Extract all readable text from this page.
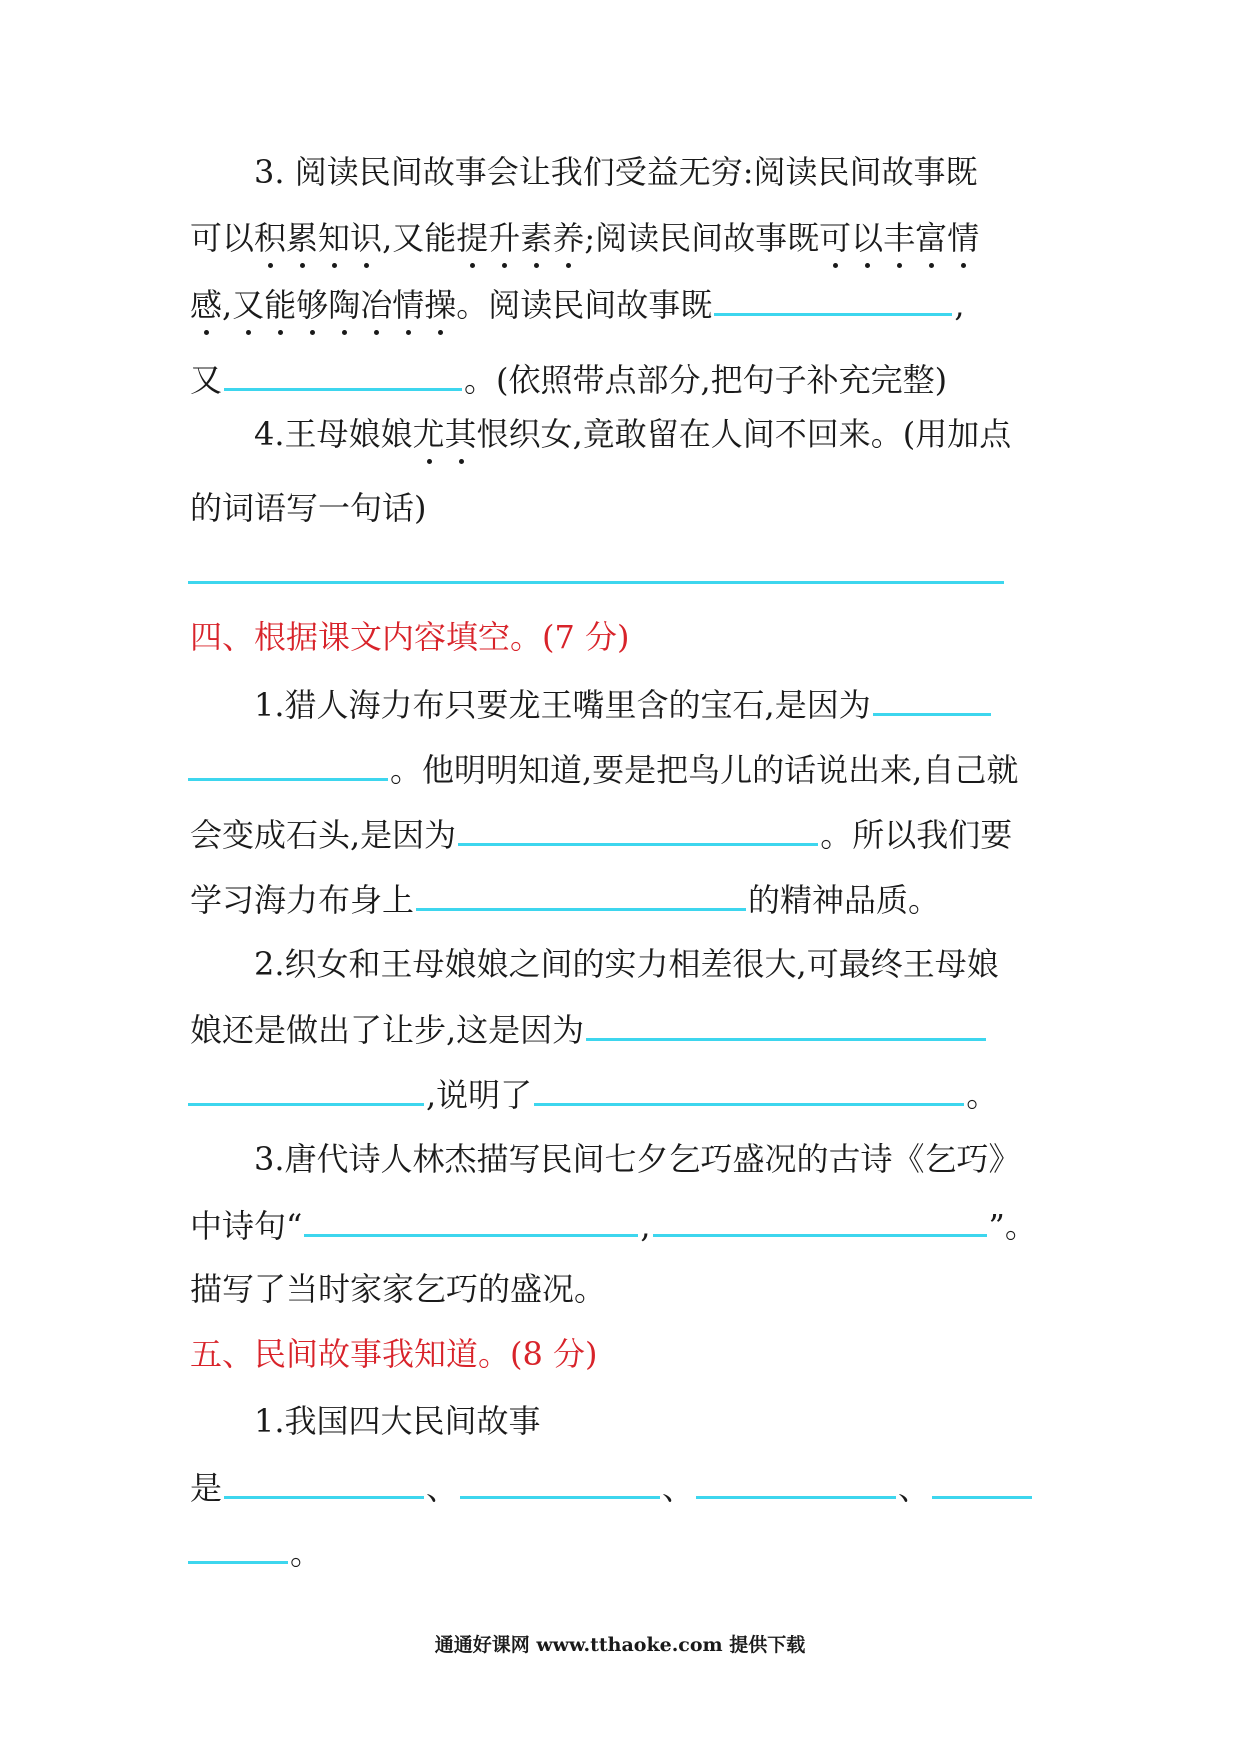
3. 阅读民间故事会让我们受益无穷:阅读民间故事既
可以积累知识,又能提升素养;阅读民间故事既可以丰富情
感,又能够陶冶情操。阅读民间故事既	,
又	。(依照带点部分,把句子补充完整)
4.王母娘娘尤其恨织女,竟敢留在人间不回来。(用加点
的词语写一句话)
四、根据课文内容填空。(7 分)
1.猎人海力布只要龙王嘴里含的宝石,是因为
。他明明知道,要是把鸟儿的话说出来,自己就
会变成石头,是因为	。所以我们要
学习海力布身上	的精神品质。
2.织女和王母娘娘之间的实力相差很大,可最终王母娘
娘还是做出了让步,这是因为
,说明了	。
3.唐代诗人林杰描写民间七夕乞巧盛况的古诗《乞巧》
中诗句“	,	”。
描写了当时家家乞巧的盛况。
五、民间故事我知道。(8 分)
1.我国四大民间故事
是	、	、	、
。
通通好课网 www.tthaoke.com 提供下载
